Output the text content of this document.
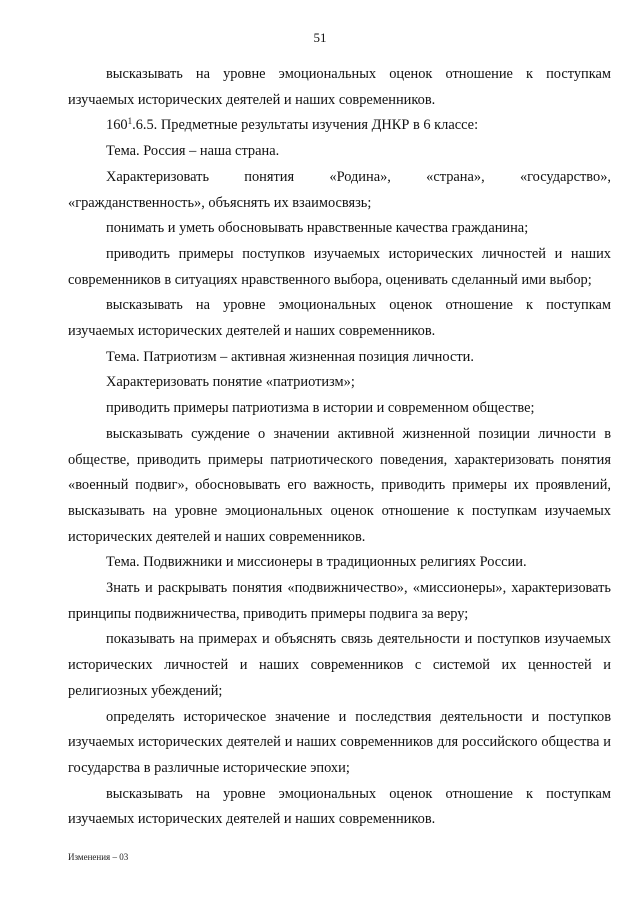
51

высказывать на уровне эмоциональных оценок отношение к поступкам изучаемых исторических деятелей и наших современников.

$160^1.6.5$. Предметные результаты изучения ДНКР в 6 классе:

Тема. Россия – наша страна.

Характеризовать понятия «Родина», «страна», «государство», «гражданственность», объяснять их взаимосвязь;

понимать и уметь обосновывать нравственные качества гражданина;

приводить примеры поступков изучаемых исторических личностей и наших современников в ситуациях нравственного выбора, оценивать сделанный ими выбор;

высказывать на уровне эмоциональных оценок отношение к поступкам изучаемых исторических деятелей и наших современников.

Тема. Патриотизм – активная жизненная позиция личности.

Характеризовать понятие «патриотизм»;

приводить примеры патриотизма в истории и современном обществе;

высказывать суждение о значении активной жизненной позиции личности в обществе, приводить примеры патриотического поведения, характеризовать понятия «военный подвиг», обосновывать его важность, приводить примеры их проявлений, высказывать на уровне эмоциональных оценок отношение к поступкам изучаемых исторических деятелей и наших современников.

Тема. Подвижники и миссионеры в традиционных религиях России.

Знать и раскрывать понятия «подвижничество», «миссионеры», характеризовать принципы подвижничества, приводить примеры подвига за веру;

показывать на примерах и объяснять связь деятельности и поступков изучаемых исторических личностей и наших современников с системой их ценностей и религиозных убеждений;

определять историческое значение и последствия деятельности и поступков изучаемых исторических деятелей и наших современников для российского общества и государства в различные исторические эпохи;

высказывать на уровне эмоциональных оценок отношение к поступкам изучаемых исторических деятелей и наших современников.

Изменения – 03
